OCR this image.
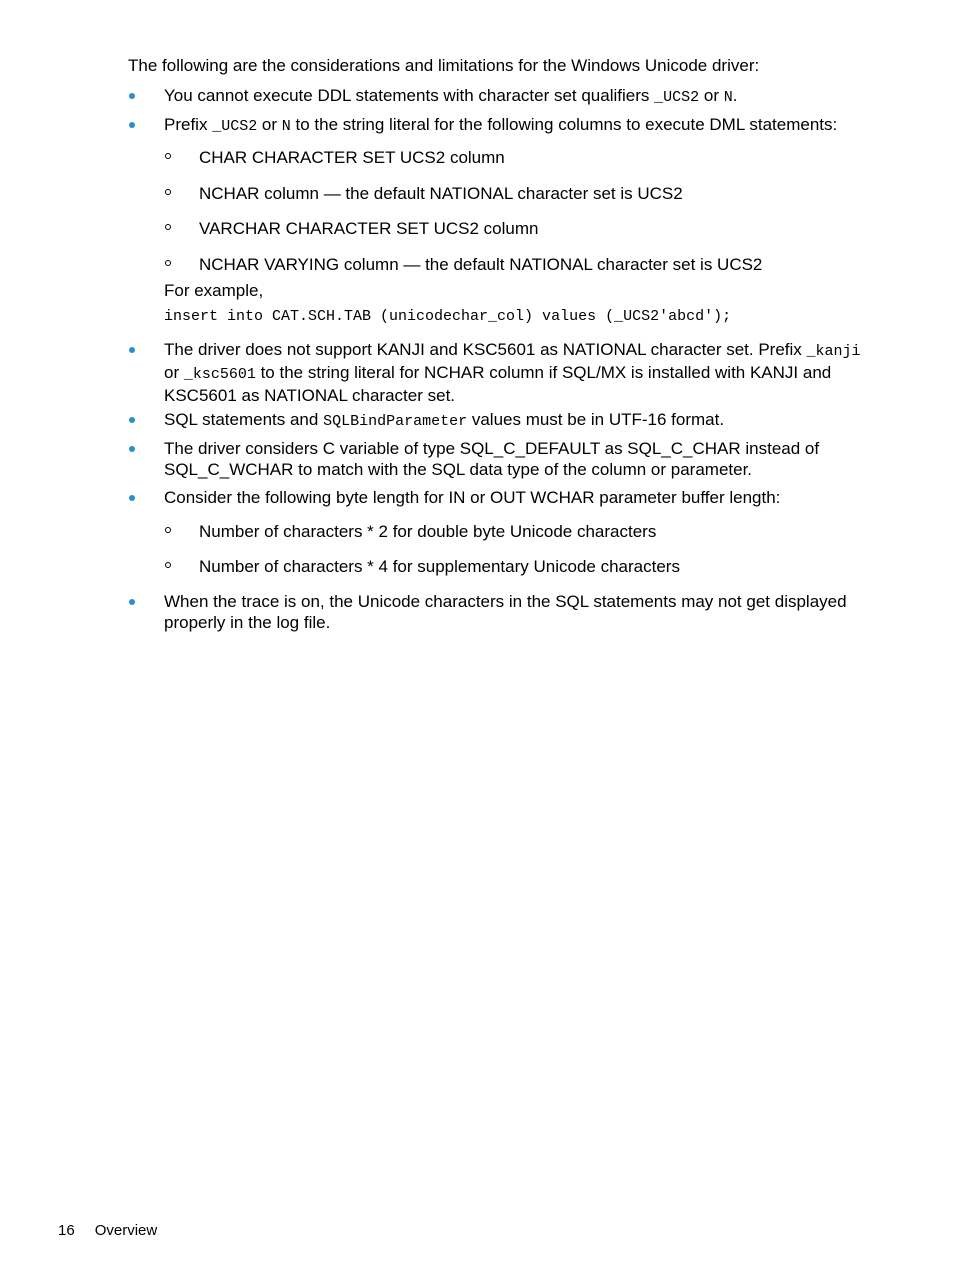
The following are the considerations and limitations for the Windows Unicode driver:

You cannot execute DDL statements with character set qualifiers _UCS2 or N.

Prefix _UCS2 or N to the string literal for the following columns to execute DML statements:

CHAR CHARACTER SET UCS2 column

NCHAR column — the default NATIONAL character set is UCS2

VARCHAR CHARACTER SET UCS2 column

NCHAR VARYING column — the default NATIONAL character set is UCS2

For example,

insert into CAT.SCH.TAB (unicodechar_col) values (_UCS2'abcd');

The driver does not support KANJI and KSC5601 as NATIONAL character set. Prefix _kanji or _ksc5601 to the string literal for NCHAR column if SQL/MX is installed with KANJI and KSC5601 as NATIONAL character set.

SQL statements and SQLBindParameter values must be in UTF-16 format.

The driver considers C variable of type SQL_C_DEFAULT as SQL_C_CHAR instead of SQL_C_WCHAR to match with the SQL data type of the column or parameter.

Consider the following byte length for IN or OUT WCHAR parameter buffer length:

Number of characters * 2 for double byte Unicode characters

Number of characters * 4 for supplementary Unicode characters

When the trace is on, the Unicode characters in the SQL statements may not get displayed properly in the log file.

16 Overview
